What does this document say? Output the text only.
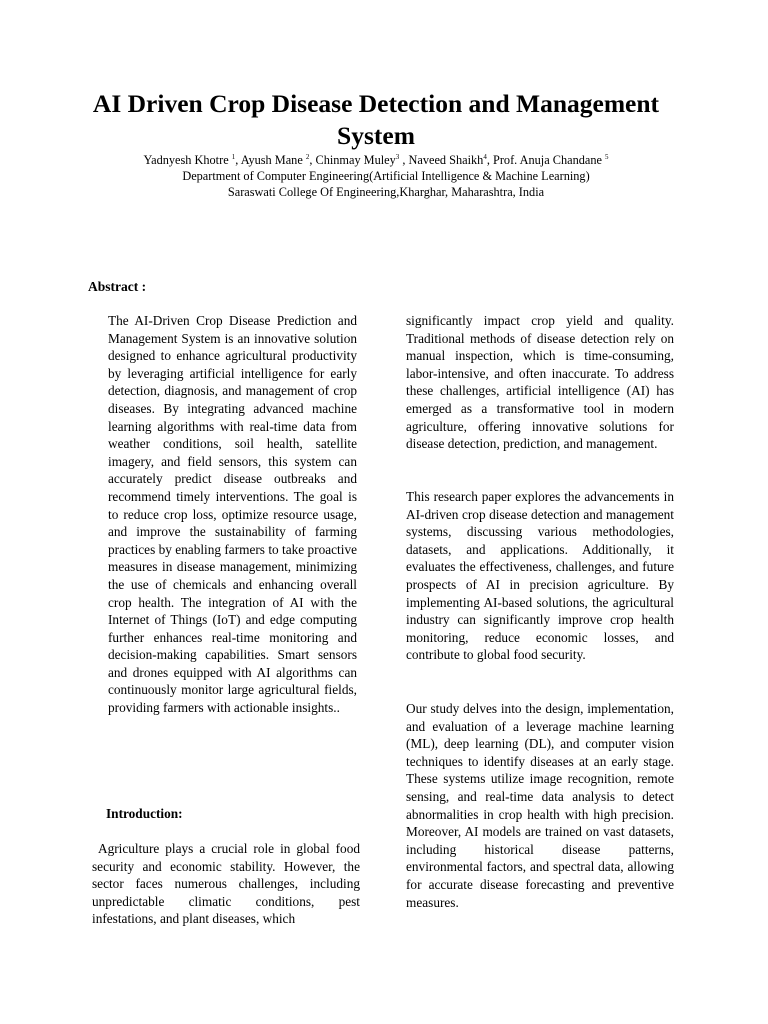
AI Driven Crop Disease Detection and Management System

Yadnyesh Khotre $^1$, Ayush Mane $^2$, Chinmay Muley$^3$ , Naveed Shaikh$^4$, Prof. Anuja Chandane $^5$

Department of Computer Engineering(Artificial Intelligence & Machine Learning)

Saraswati College Of Engineering,Kharghar, Maharashtra, India

Abstract :

The AI-Driven Crop Disease Prediction and Management System is an innovative solution designed to enhance agricultural productivity by leveraging artificial intelligence for early detection, diagnosis, and management of crop diseases. By integrating advanced machine learning algorithms with real-time data from weather conditions, soil health, satellite imagery, and field sensors, this system can accurately predict disease outbreaks and recommend timely interventions. The goal is to reduce crop loss, optimize resource usage, and improve the sustainability of farming practices by enabling farmers to take proactive measures in disease management, minimizing the use of chemicals and enhancing overall crop health. The integration of AI with the Internet of Things (IoT) and edge computing further enhances real-time monitoring and decision-making capabilities. Smart sensors and drones equipped with AI algorithms can continuously monitor large agricultural fields, providing farmers with actionable insights..

Introduction:

Agriculture plays a crucial role in global food security and economic stability. However, the sector faces numerous challenges, including unpredictable climatic conditions, pest infestations, and plant diseases, which

significantly impact crop yield and quality. Traditional methods of disease detection rely on manual inspection, which is time-consuming, labor-intensive, and often inaccurate. To address these challenges, artificial intelligence (AI) has emerged as a transformative tool in modern agriculture, offering innovative solutions for disease detection, prediction, and management.

This research paper explores the advancements in AI-driven crop disease detection and management systems, discussing various methodologies, datasets, and applications. Additionally, it evaluates the effectiveness, challenges, and future prospects of AI in precision agriculture. By implementing AI-based solutions, the agricultural industry can significantly improve crop health monitoring, reduce economic losses, and contribute to global food security.

Our study delves into the design, implementation, and evaluation of a leverage machine learning (ML), deep learning (DL), and computer vision techniques to identify diseases at an early stage. These systems utilize image recognition, remote sensing, and real-time data analysis to detect abnormalities in crop health with high precision. Moreover, AI models are trained on vast datasets, including historical disease patterns, environmental factors, and spectral data, allowing for accurate disease forecasting and preventive measures.
